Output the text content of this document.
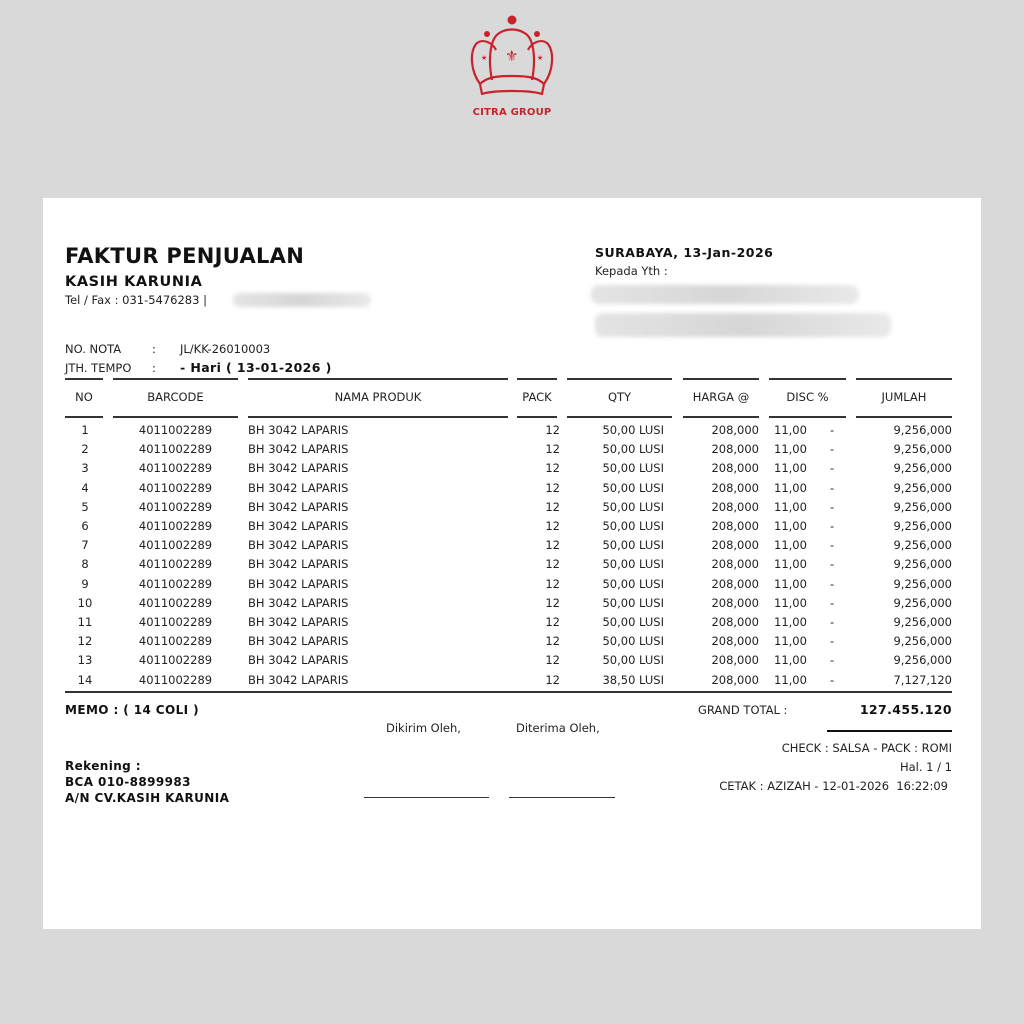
★	★
⚜
CITRA GROUP
FAKTUR PENJUALAN
KASIH KARUNIA
Tel / Fax : 031-5476283 |
SURABAYA, 13-Jan-2026
Kepada Yth :
NO. NOTA	: JL/KK-26010003
JTH. TEMPO : - Hari ( 13-01-2026 )
NO	BARCODE	NAMA PRODUK	PACK	QTY	HARGA @	DISC %	JUMLAH
1	4011002289	BH 3042 LAPARIS	12	50,00 LUSI	208,000 11,00 -	9,256,000
2	4011002289	BH 3042 LAPARIS	12	50,00 LUSI	208,000 11,00 -	9,256,000
3	4011002289	BH 3042 LAPARIS	12	50,00 LUSI	208,000 11,00 -	9,256,000
4	4011002289	BH 3042 LAPARIS	12	50,00 LUSI	208,000 11,00 -	9,256,000
5	4011002289	BH 3042 LAPARIS	12	50,00 LUSI	208,000 11,00 -	9,256,000
6	4011002289	BH 3042 LAPARIS	12	50,00 LUSI	208,000 11,00 -	9,256,000
7	4011002289	BH 3042 LAPARIS	12	50,00 LUSI	208,000 11,00 -	9,256,000
8	4011002289	BH 3042 LAPARIS	12	50,00 LUSI	208,000 11,00 -	9,256,000
9	4011002289	BH 3042 LAPARIS	12	50,00 LUSI	208,000 11,00 -	9,256,000
10	4011002289	BH 3042 LAPARIS	12	50,00 LUSI	208,000 11,00 -	9,256,000
11	4011002289	BH 3042 LAPARIS	12	50,00 LUSI	208,000 11,00 -	9,256,000
12	4011002289	BH 3042 LAPARIS	12	50,00 LUSI	208,000 11,00 -	9,256,000
13	4011002289	BH 3042 LAPARIS	12	50,00 LUSI	208,000 11,00 -	9,256,000
14	4011002289	BH 3042 LAPARIS	12	38,50 LUSI	208,000 11,00 -	7,127,120
MEMO : ( 14 COLI )	GRAND TOTAL :	127.455.120
Dikirim Oleh,	Diterima Oleh,
Rekening :
BCA 010-8899983
A/N CV.KASIH KARUNIA
CHECK : SALSA - PACK : ROMI
Hal. 1 / 1
CETAK : AZIZAH - 12-01-2026  16:22:09
